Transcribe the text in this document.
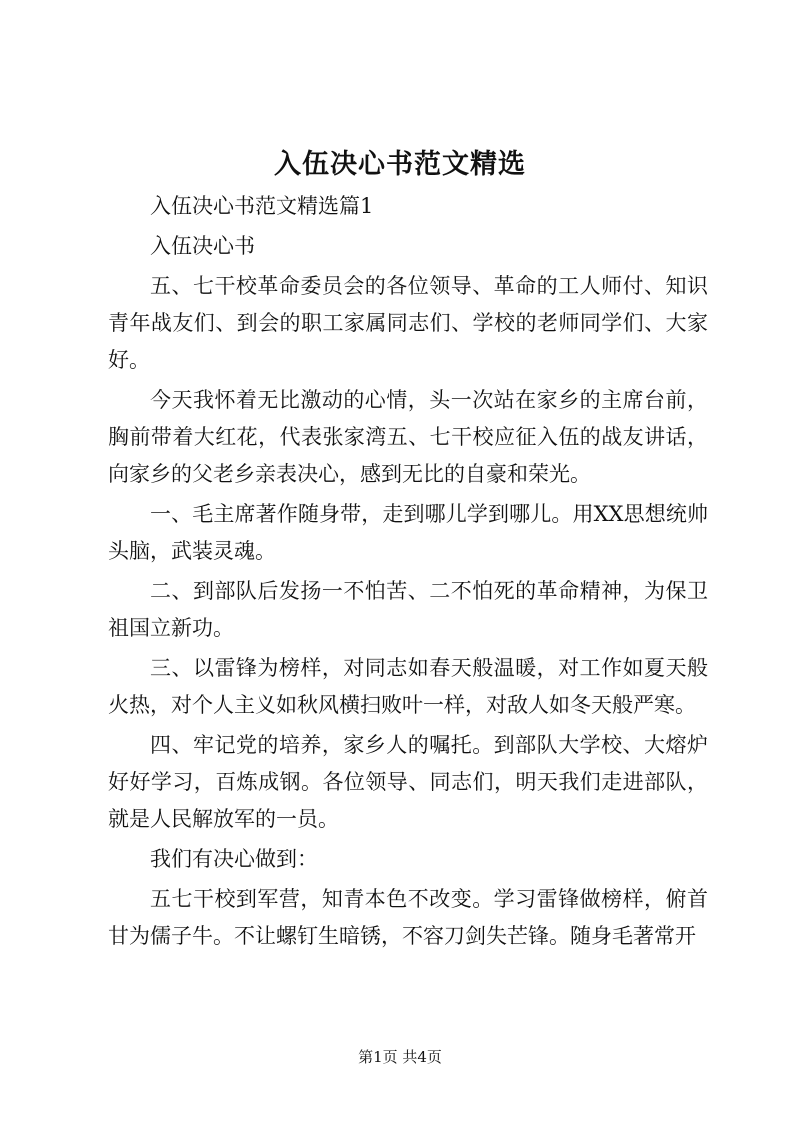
入伍决心书范文精选

入伍决心书范文精选篇1

入伍决心书

五、七干校革命委员会的各位领导、革命的工人师付、知识青年战友们、到会的职工家属同志们、学校的老师同学们、大家好。

今天我怀着无比激动的心情，头一次站在家乡的主席台前，胸前带着大红花，代表张家湾五、七干校应征入伍的战友讲话，向家乡的父老乡亲表决心，感到无比的自豪和荣光。

一、毛主席著作随身带，走到哪儿学到哪儿。用XX思想统帅头脑，武装灵魂。

二、到部队后发扬一不怕苦、二不怕死的革命精神，为保卫祖国立新功。

三、以雷锋为榜样，对同志如春天般温暖，对工作如夏天般火热，对个人主义如秋风横扫败叶一样，对敌人如冬天般严寒。

四、牢记党的培养，家乡人的嘱托。到部队大学校、大熔炉好好学习，百炼成钢。各位领导、同志们，明天我们走进部队，就是人民解放军的一员。

我们有决心做到：

五七干校到军营，知青本色不改变。学习雷锋做榜样，俯首甘为儒子牛。不让螺钉生暗锈，不容刀剑失芒锋。随身毛著常开

第1页 共4页
